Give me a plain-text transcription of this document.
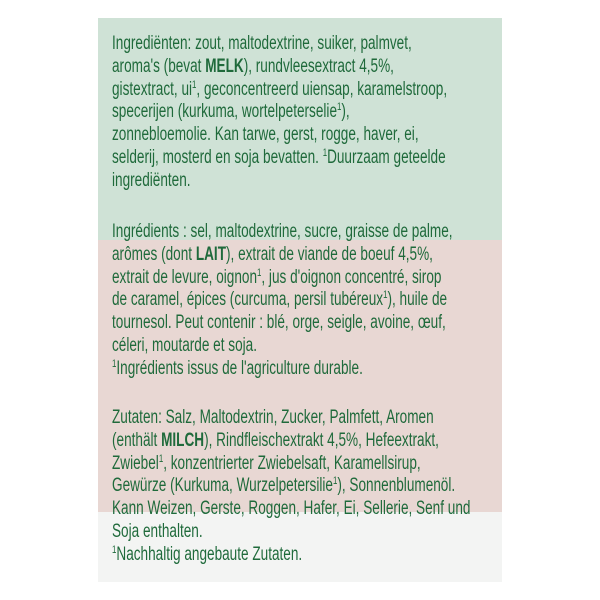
Ingrediënten: zout, maltodextrine, suiker, palmvet,
aroma's (bevat MELK), rundvleesextract 4,5%,
gistextract, $ui^1$, geconcentreerd uiensap, karamelstroop,
specerijen (kurkuma, wortelpeterselie$^1$),
zonnebloemolie. Kan tarwe, gerst, rogge, haver, ei,
selderij, mosterd en soja bevatten. $^1$Duurzaam geteelde
ingrediënten.
Ingrédients : sel, maltodextrine, sucre, graisse de palme,
arômes (dont LAIT), extrait de viande de boeuf 4,5%,
extrait de levure, oignon$^1$, jus d'oignon concentré, sirop
de caramel, épices (curcuma, persil tubéreux$^1$), huile de
tournesol. Peut contenir : blé, orge, seigle, avoine, œuf,
céleri, moutarde et soja.
$^1$Ingrédients issus de l'agriculture durable.
Zutaten: Salz, Maltodextrin, Zucker, Palmfett, Aromen
(enthält MILCH), Rindfleischextrakt 4,5%, Hefeextrakt,
Zwiebel$^1$, konzentrierter Zwiebelsaft, Karamellsirup,
Gewürze (Kurkuma, Wurzelpetersilie$^1$), Sonnenblumenöl.
Kann Weizen, Gerste, Roggen, Hafer, Ei, Sellerie, Senf und
Soja enthalten.
$^1$Nachhaltig angebaute Zutaten.
